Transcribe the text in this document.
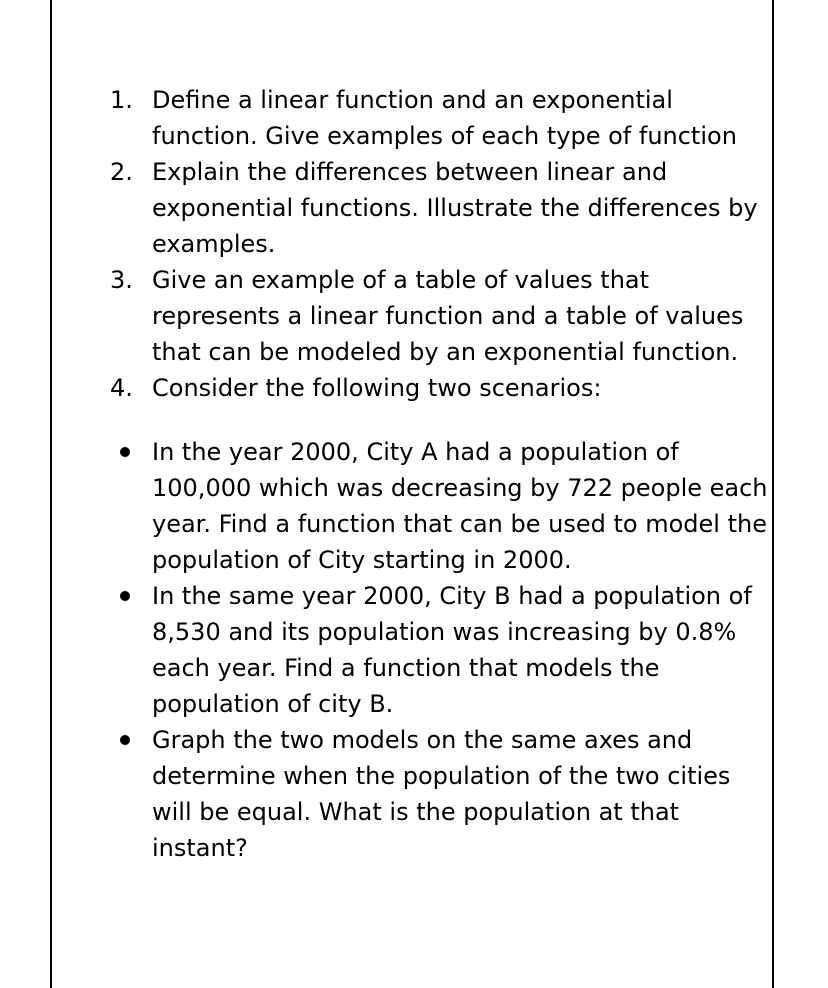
1. Define a linear function and an exponential function. Give examples of each type of function
2. Explain the differences between linear and exponential functions. Illustrate the differences by examples.
3. Give an example of a table of values that represents a linear function and a table of values that can be modeled by an exponential function.
4. Consider the following two scenarios:
In the year 2000, City A had a population of 100,000 which was decreasing by 722 people each year. Find a function that can be used to model the population of City starting in 2000.
In the same year 2000, City B had a population of 8,530 and its population was increasing by 0.8% each year. Find a function that models the population of city B.
Graph the two models on the same axes and determine when the population of the two cities will be equal. What is the population at that instant?
